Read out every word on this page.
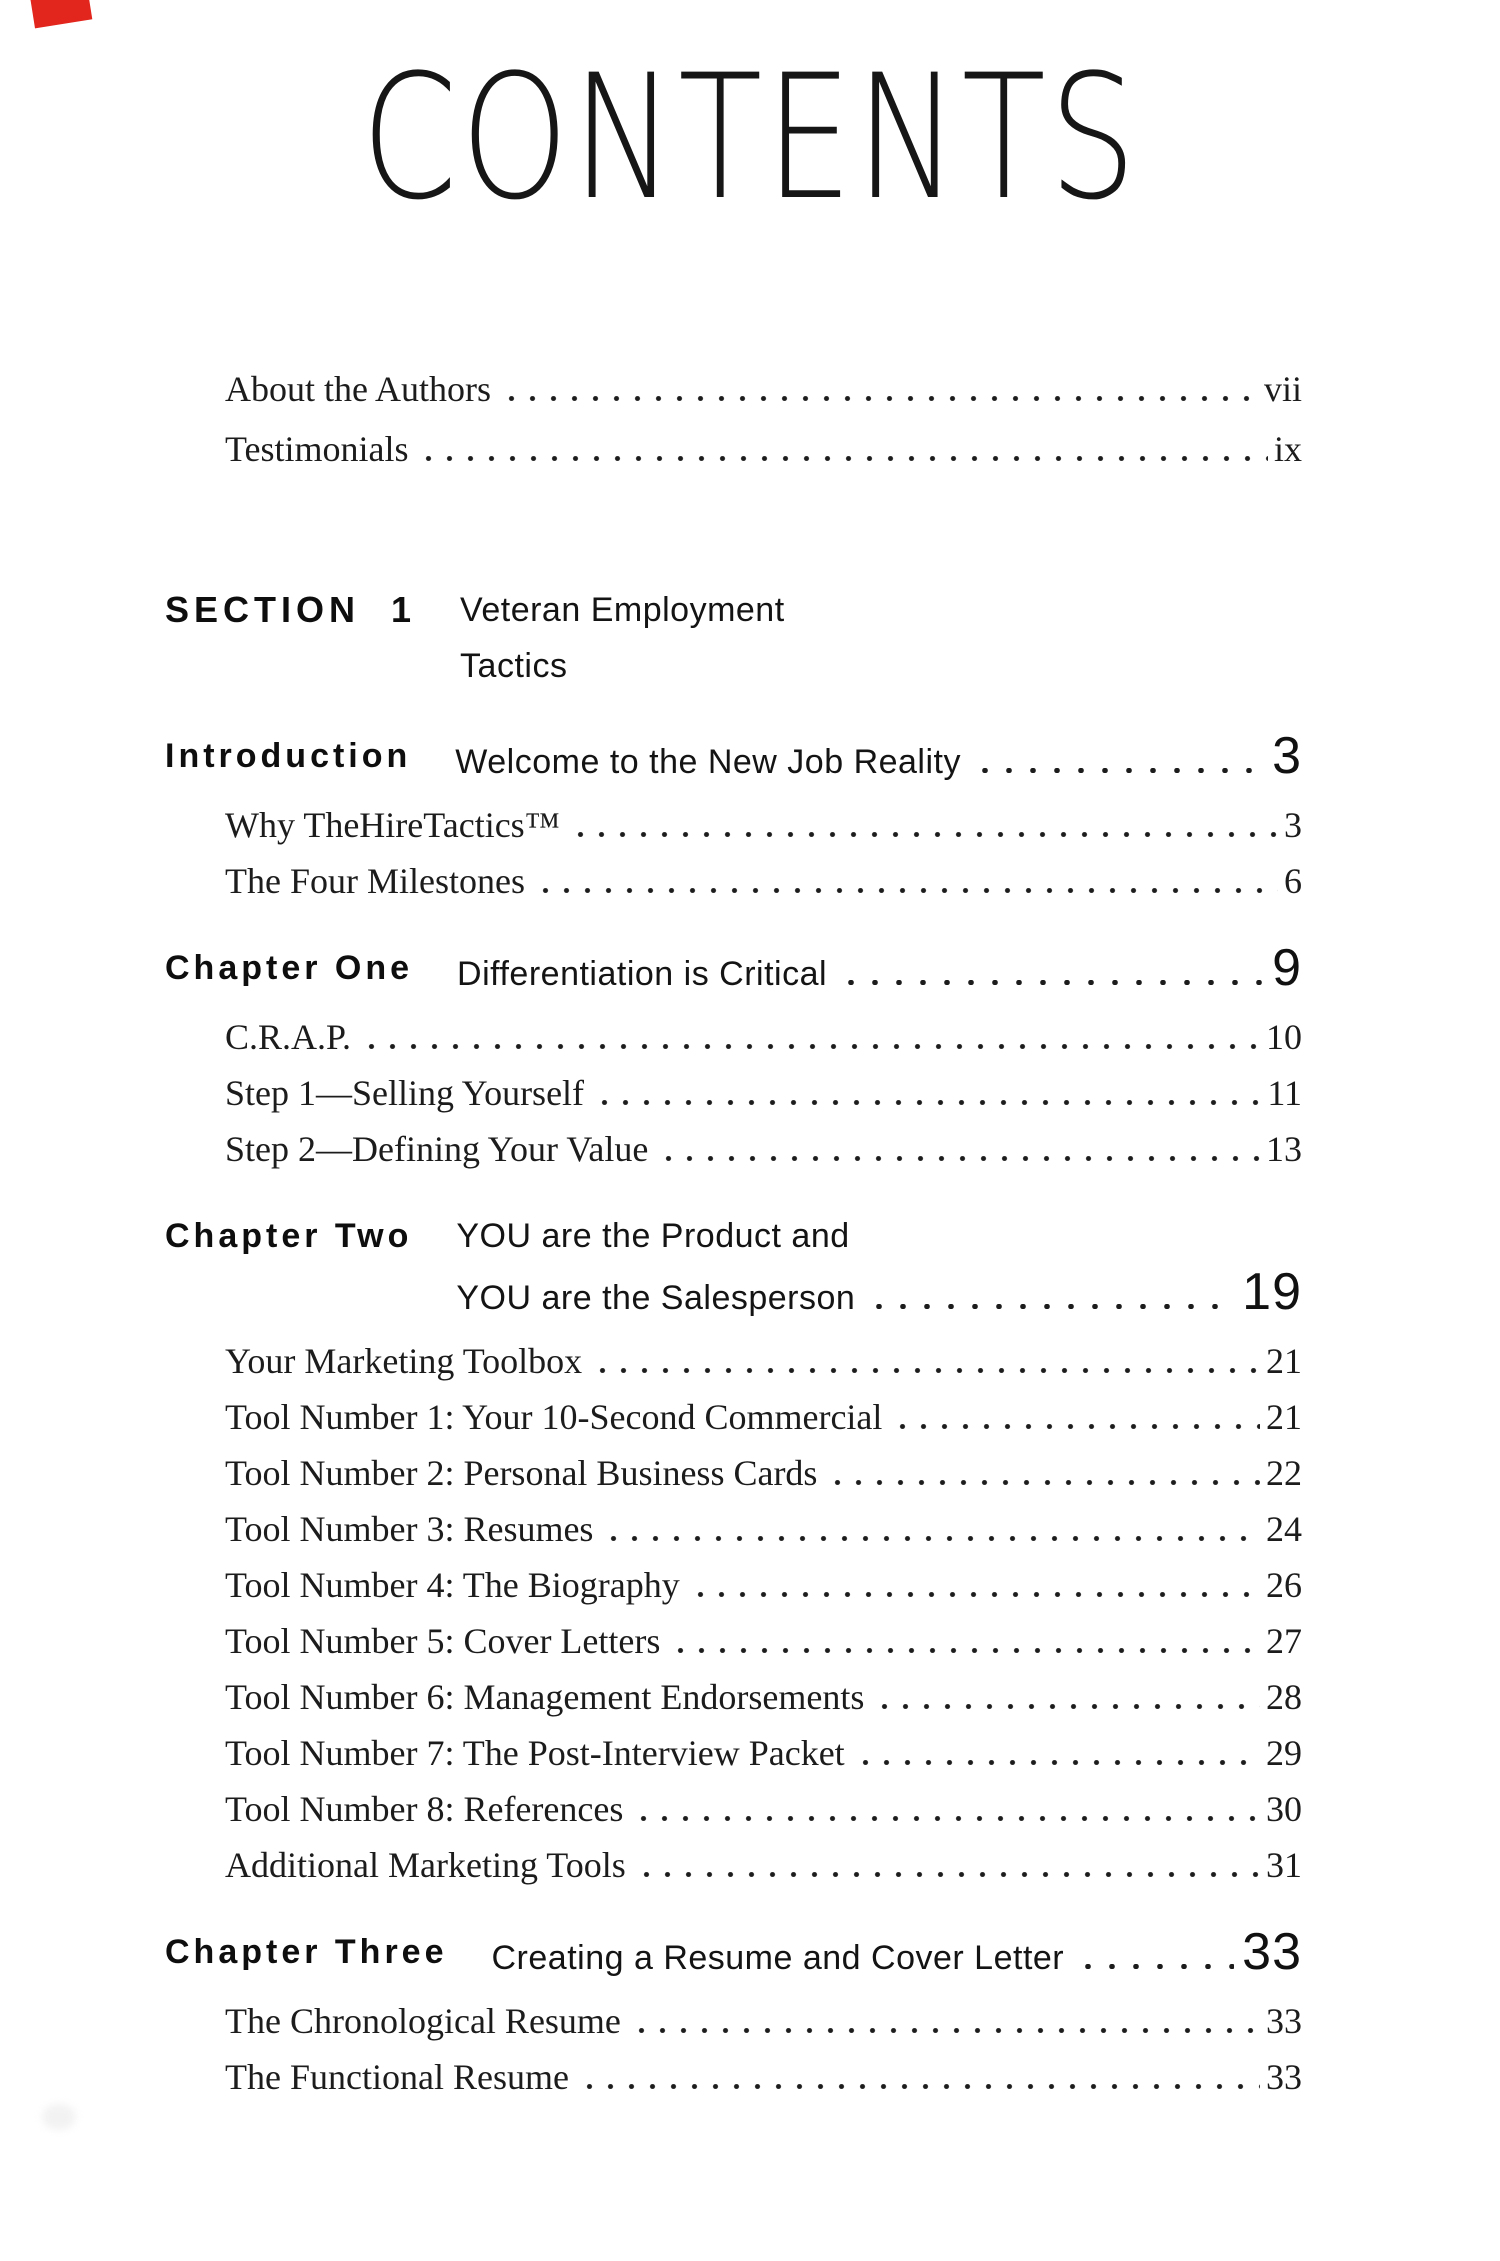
CONTENTS
About the Authors	vii
Testimonials	ix
SECTION 1 Veteran Employment
Tactics
Introduction Welcome to the New Job Reality	3
Why TheHireTactics™	3
The Four Milestones	6
Chapter One Differentiation is Critical	9
C.R.A.P.	10
Step 1—Selling Yourself	11
Step 2—Defining Your Value	13
Chapter Two YOU are the Product and
YOU are the Salesperson	19
Your Marketing Toolbox	21
Tool Number 1: Your 10-Second Commercial	21
Tool Number 2: Personal Business Cards	22
Tool Number 3: Resumes	24
Tool Number 4: The Biography	26
Tool Number 5: Cover Letters	27
Tool Number 6: Management Endorsements	28
Tool Number 7: The Post-Interview Packet	29
Tool Number 8: References	30
Additional Marketing Tools	31
Chapter Three Creating a Resume and Cover Letter	33
The Chronological Resume	33
The Functional Resume	33
